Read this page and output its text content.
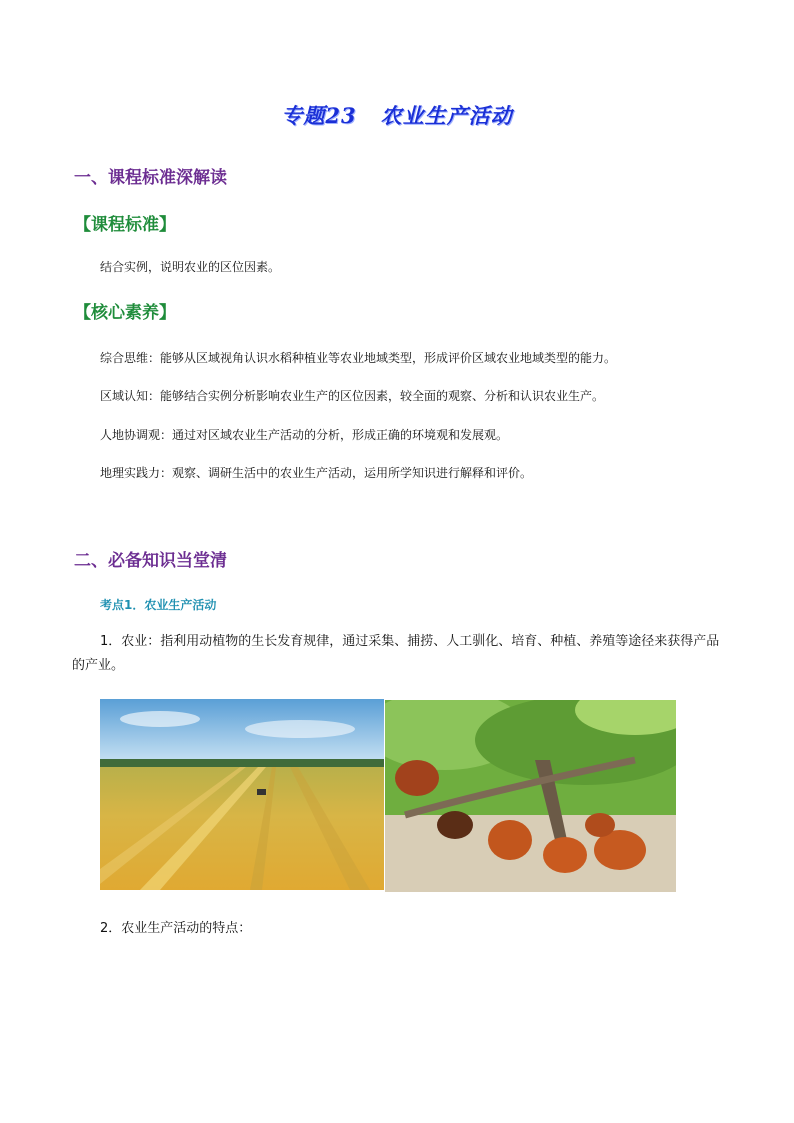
专题23 农业生产活动
一、课程标准深解读
【课程标准】
结合实例，说明农业的区位因素。
【核心素养】
综合思维：能够从区域视角认识水稻种植业等农业地域类型，形成评价区域农业地域类型的能力。
区域认知：能够结合实例分析影响农业生产的区位因素，较全面的观察、分析和认识农业生产。
人地协调观：通过对区域农业生产活动的分析，形成正确的环境观和发展观。
地理实践力：观察、调研生活中的农业生产活动，运用所学知识进行解释和评价。
二、必备知识当堂清
考点1．农业生产活动
1．农业：指利用动植物的生长发育规律，通过采集、捕捞、人工驯化、培育、种植、养殖等途径来获得产品的产业。
2．农业生产活动的特点：
